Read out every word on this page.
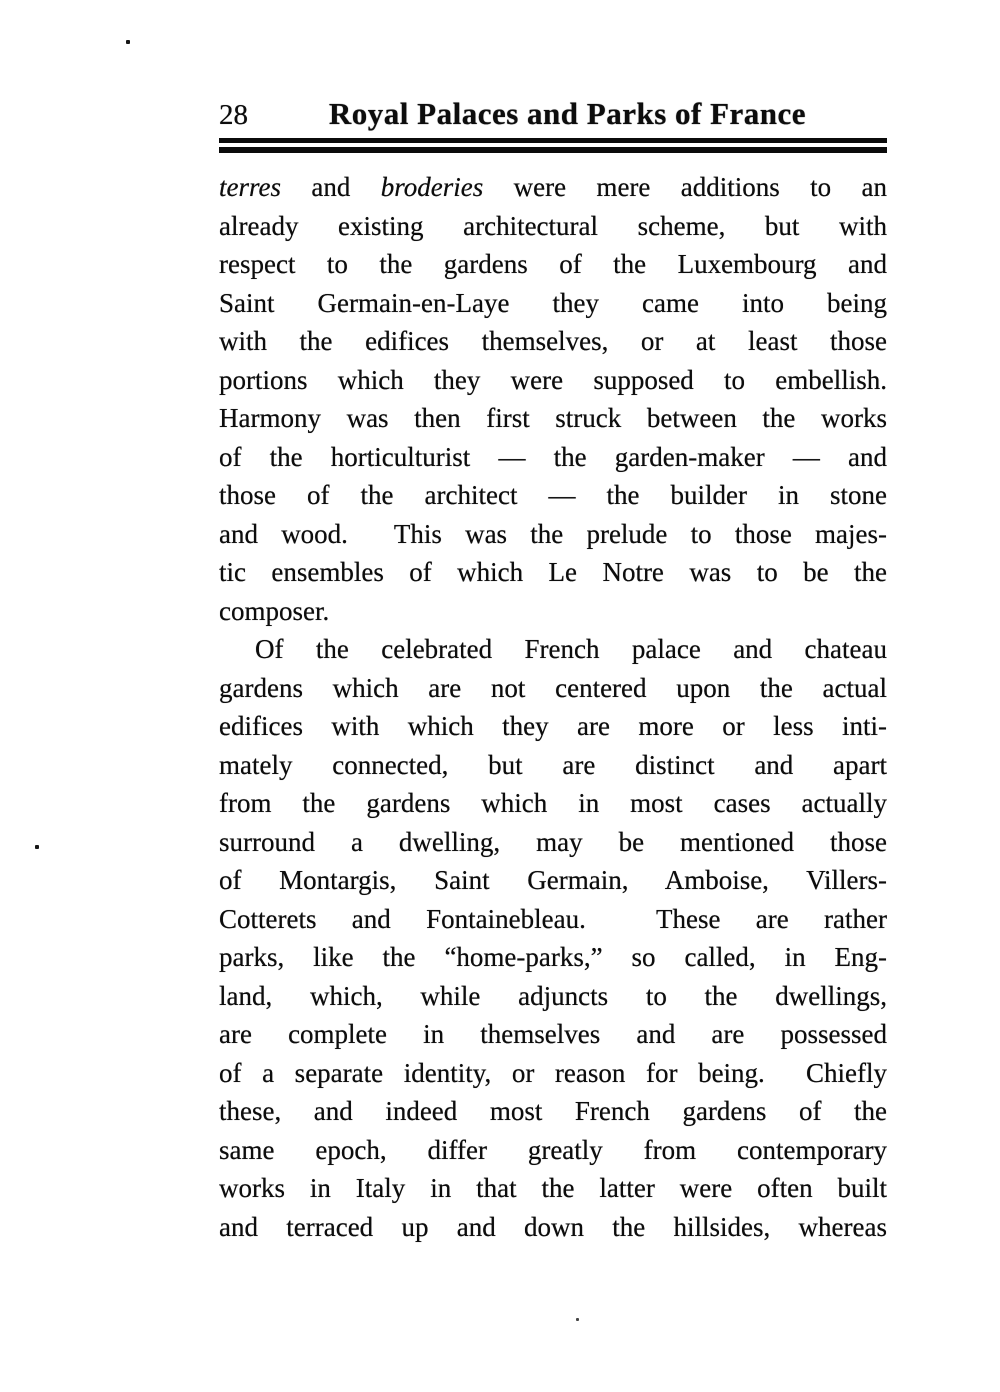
28	Royal Palaces and Parks of France
terres and broderies were mere additions to an
already existing architectural scheme, but with
respect to the gardens of the Luxembourg and
Saint Germain-en-Laye they came into being
with the edifices themselves, or at least those
portions which they were supposed to embellish.
Harmony was then first struck between the works
of the horticulturist — the garden-maker — and
those of the architect — the builder in stone
and wood.  This was the prelude to those majes-
tic ensembles of which Le Notre was to be the
composer.
Of the celebrated French palace and chateau
gardens which are not centered upon the actual
edifices with which they are more or less inti-
mately connected, but are distinct and apart
from the gardens which in most cases actually
surround a dwelling, may be mentioned those
of Montargis, Saint Germain, Amboise, Villers-
Cotterets and Fontainebleau.  These are rather
parks, like the “home-parks,” so called, in Eng-
land, which, while adjuncts to the dwellings,
are complete in themselves and are possessed
of a separate identity, or reason for being.  Chiefly
these, and indeed most French gardens of the
same epoch, differ greatly from contemporary
works in Italy in that the latter were often built
and terraced up and down the hillsides, whereas
